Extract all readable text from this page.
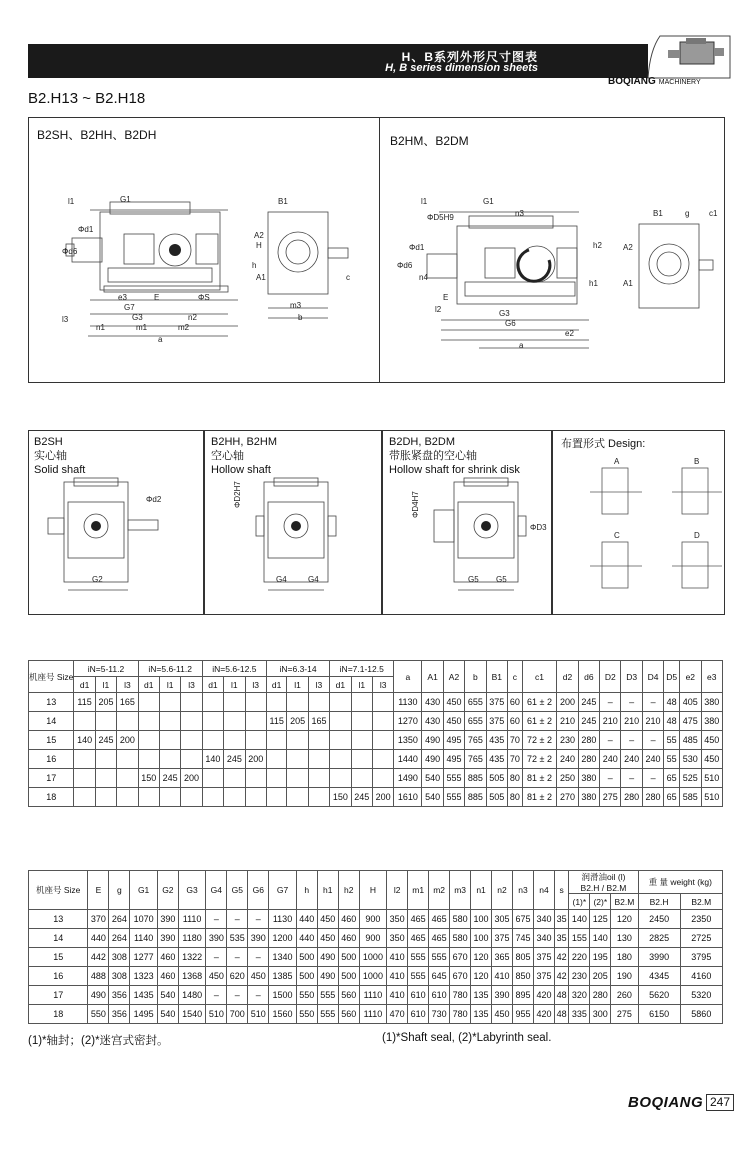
H、B系列外形尺寸图表
H, B series dimension sheets
BOQIANG MACHINERY
B2.H13 ~ B2.H18
B2SH、B2HH、B2DH	B2HM、B2DM
l1	G1	B1
A2
Φd6
Φd1
H
h
A1	c
e3	ΦS
G7
E
G3	n2
l3
n1	m1	m2
a
m3
b
l1	G1
ΦD5H9	n3	B1	g c1
A2
Φd6
Φd1	h2
n4
h1	A1
E
G3
G6
l2
e2
a
B2SH
实心轴
Solid shaft
B2HH, B2HM
空心轴
Hollow shaft
B2DH, B2DM
带胀紧盘的空心轴
Hollow shaft for shrink disk
布置形式 Design:
Φd2
G2
ΦD2H7
G4	G4
ΦD4H7
ΦD3
G5 G5
A	B
C	D
机座号 Size	iN=5-11.2			iN=5.6-11.2			iN=5.6-12.5			iN=6.3-14			iN=7.1-12.5			a	A1	A2	b	B1	c	c1	d2	d6	D2	D3	D4	D5	e2	e3
	d1	l1	l3	d1	l1	l3	d1	l1	l3	d1	l1	l3	d1	l1	l3															
13	115	205	165													1130	430	450	655	375	60	61 ± 2	200	245	–	–	–	48	405	380
14										115	205	165				1270	430	450	655	375	60	61 ± 2	210	245	210	210	210	48	475	380
15	140	245	200													1350	490	495	765	435	70	72 ± 2	230	280	–	–	–	55	485	450
16							140	245	200							1440	490	495	765	435	70	72 ± 2	240	280	240	240	240	55	530	450
17				150	245	200										1490	540	555	885	505	80	81 ± 2	250	380	–	–	–	65	525	510
18													150	245	200	1610	540	555	885	505	80	81 ± 2	270	380	275	280	280	65	585	510
机座号 Size	E	g	G1	G2	G3	G4	G5	G6	G7	h	h1	h2	H	l2	m1	m2	m3	n1	n2	n3	n4	s	润滑油oil (l)
B2.H / B2.M			重 量 weight (kg)	
																							(1)*	(2)*	B2.M	B2.H	B2.M
13	370	264	1070	390	1110	–	–	–	1130	440	450	460	900	350	465	465	580	100	305	675	340	35	140	125	120	2450	2350
14	440	264	1140	390	1180	390	535	390	1200	440	450	460	900	350	465	465	580	100	375	745	340	35	155	140	130	2825	2725
15	442	308	1277	460	1322	–	–	–	1340	500	490	500	1000	410	555	555	670	120	365	805	375	42	220	195	180	3990	3795
16	488	308	1323	460	1368	450	620	450	1385	500	490	500	1000	410	555	645	670	120	410	850	375	42	230	205	190	4345	4160
17	490	356	1435	540	1480	–	–	–	1500	550	555	560	1110	410	610	610	780	135	390	895	420	48	320	280	260	5620	5320
18	550	356	1495	540	1540	510	700	510	1560	550	555	560	1110	470	610	730	780	135	450	955	420	48	335	300	275	6150	5860
(1)*轴封；(2)*迷宫式密封。	(1)*Shaft seal, (2)*Labyrinth seal.
BOQIANG 247
